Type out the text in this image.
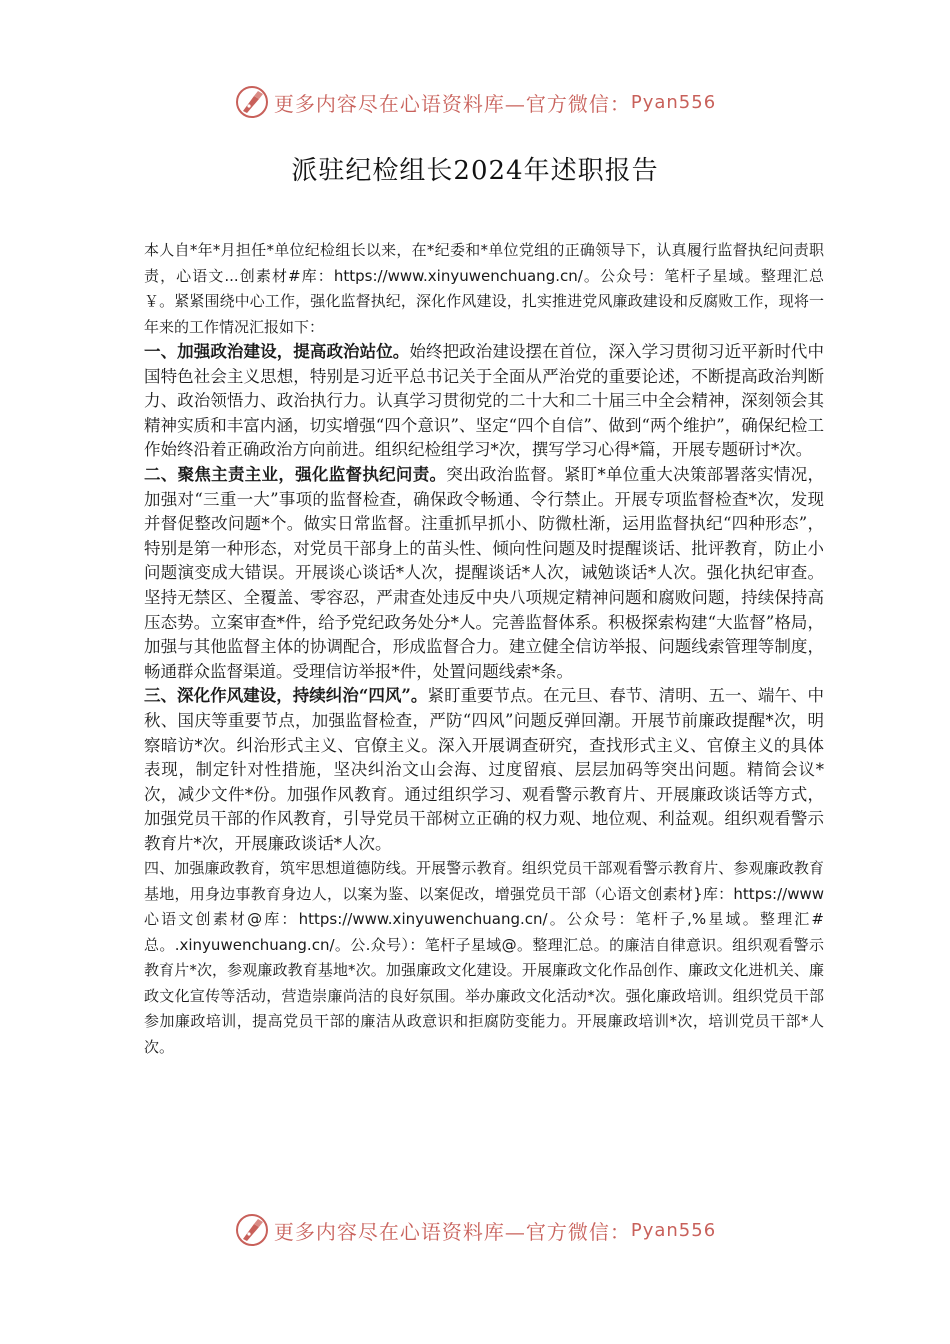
更多内容尽在心语资料库—官方微信： Pyan556
派驻纪检组长2024年述职报告

本人自*年*月担任*单位纪检组长以来，在*纪委和*单位党组的正确领导下，认真履行监督执纪问责职责，心语文...创素材#库：https://www.xinyuwenchuang.cn/。公众号：笔杆子星域。整理汇总￥。紧紧围绕中心工作，强化监督执纪，深化作风建设，扎实推进党风廉政建设和反腐败工作，现将一年来的工作情况汇报如下：

一、加强政治建设，提高政治站位。始终把政治建设摆在首位，深入学习贯彻习近平新时代中国特色社会主义思想，特别是习近平总书记关于全面从严治党的重要论述，不断提高政治判断力、政治领悟力、政治执行力。认真学习贯彻党的二十大和二十届三中全会精神，深刻领会其精神实质和丰富内涵，切实增强“四个意识”、坚定“四个自信”、做到“两个维护”，确保纪检工作始终沿着正确政治方向前进。组织纪检组学习*次，撰写学习心得*篇，开展专题研讨*次。

二、聚焦主责主业，强化监督执纪问责。突出政治监督。紧盯*单位重大决策部署落实情况，加强对“三重一大”事项的监督检查，确保政令畅通、令行禁止。开展专项监督检查*次，发现并督促整改问题*个。做实日常监督。注重抓早抓小、防微杜渐，运用监督执纪“四种形态”，特别是第一种形态，对党员干部身上的苗头性、倾向性问题及时提醒谈话、批评教育，防止小问题演变成大错误。开展谈心谈话*人次，提醒谈话*人次，诫勉谈话*人次。强化执纪审查。坚持无禁区、全覆盖、零容忍，严肃查处违反中央八项规定精神问题和腐败问题，持续保持高压态势。立案审查*件，给予党纪政务处分*人。完善监督体系。积极探索构建“大监督”格局，加强与其他监督主体的协调配合，形成监督合力。建立健全信访举报、问题线索管理等制度，畅通群众监督渠道。受理信访举报*件，处置问题线索*条。

三、深化作风建设，持续纠治“四风”。紧盯重要节点。在元旦、春节、清明、五一、端午、中秋、国庆等重要节点，加强监督检查，严防“四风”问题反弹回潮。开展节前廉政提醒*次，明察暗访*次。纠治形式主义、官僚主义。深入开展调查研究，查找形式主义、官僚主义的具体表现，制定针对性措施，坚决纠治文山会海、过度留痕、层层加码等突出问题。精简会议*次，减少文件*份。加强作风教育。通过组织学习、观看警示教育片、开展廉政谈话等方式，加强党员干部的作风教育，引导党员干部树立正确的权力观、地位观、利益观。组织观看警示教育片*次，开展廉政谈话*人次。

四、加强廉政教育，筑牢思想道德防线。开展警示教育。组织党员干部观看警示教育片、参观廉政教育基地，用身边事教育身边人，以案为鉴、以案促改，增强党员干部（心语文创素材}库：https://www心语文创素材@库：https://www.xinyuwenchuang.cn/。公众号：笔杆子,%星域。整理汇#总。.xinyuwenchuang.cn/。公.众号）：笔杆子星域@。整理汇总。的廉洁自律意识。组织观看警示教育片*次，参观廉政教育基地*次。加强廉政文化建设。开展廉政文化作品创作、廉政文化进机关、廉政文化宣传等活动，营造崇廉尚洁的良好氛围。举办廉政文化活动*次。强化廉政培训。组织党员干部参加廉政培训，提高党员干部的廉洁从政意识和拒腐防变能力。开展廉政培训*次，培训党员干部*人次。

更多内容尽在心语资料库—官方微信： Pyan556
